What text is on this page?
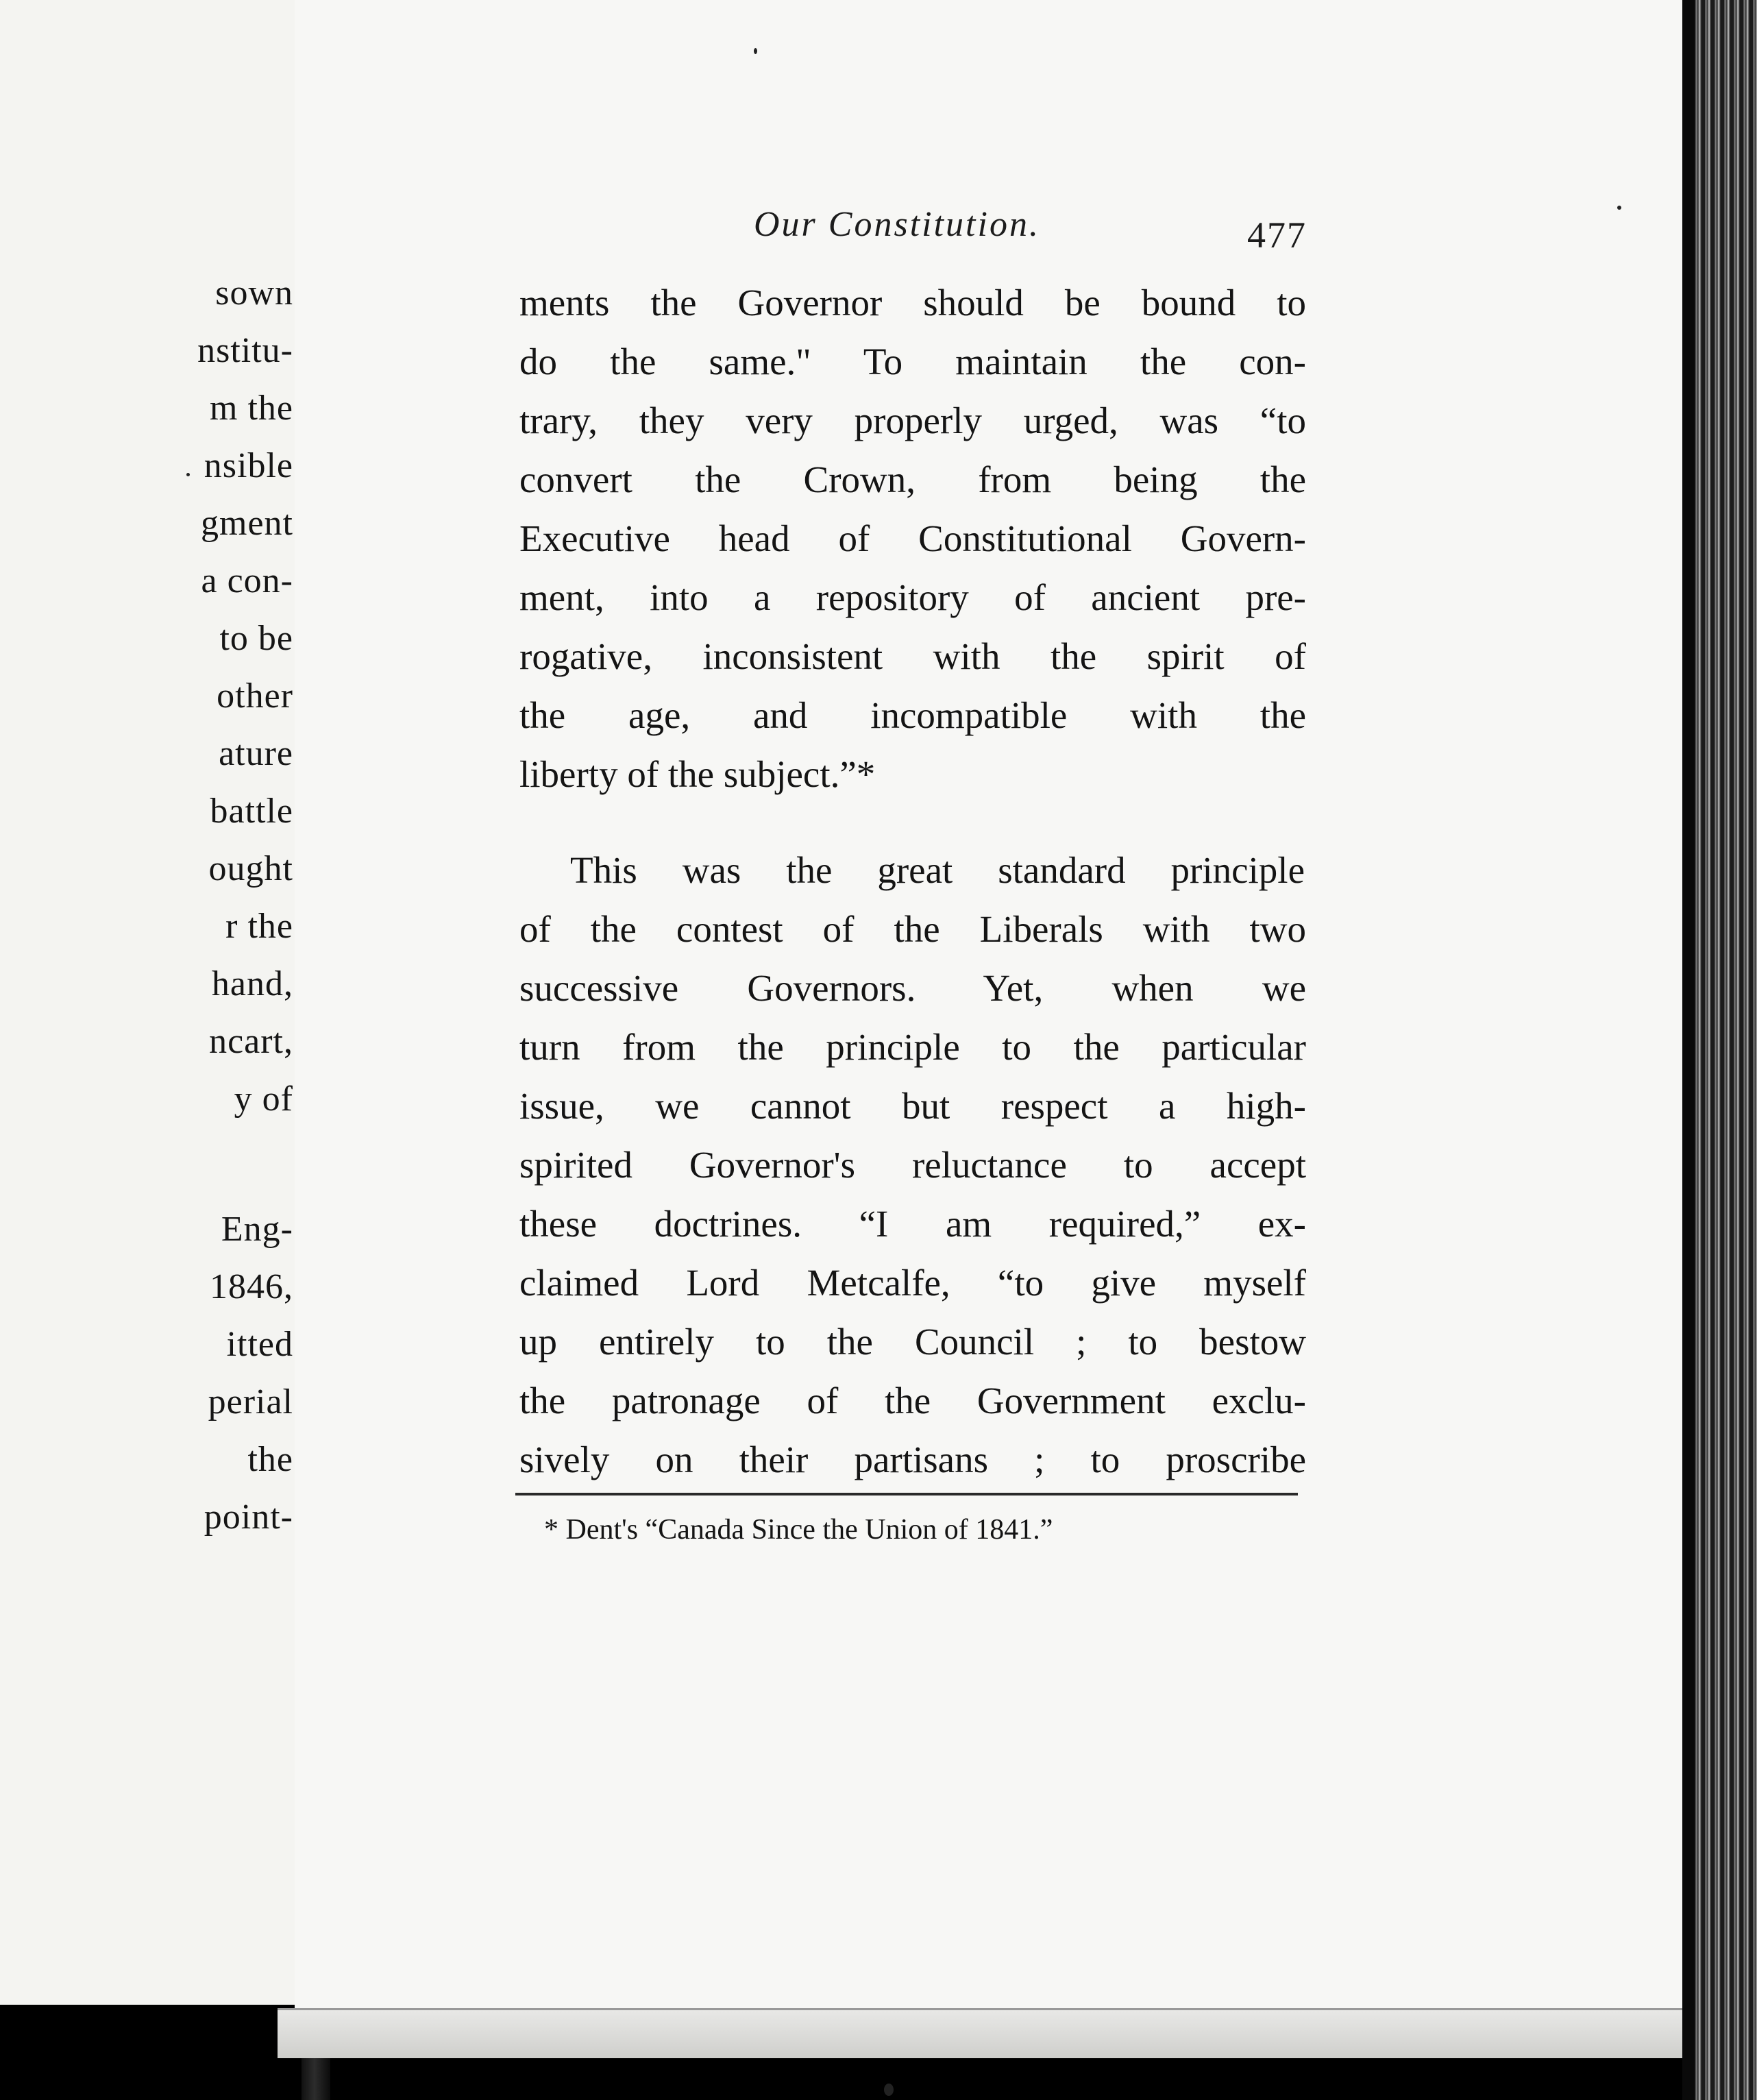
sown
nstitu-
m the
nsible
gment
a con-
to be
other
ature
battle
ought
r the
hand,
ncart,
y of
Eng-
1846,
itted
perial
the
point-
Our Constitution.	477
ments the Governor should be bound to
do the same." To maintain the con-
trary, they very properly urged, was “to
convert the Crown, from being the
Executive head of Constitutional Govern-
ment, into a repository of ancient pre-
rogative, inconsistent with the spirit of
the age, and incompatible with the
liberty of the subject.”*
This was the great standard principle
of the contest of the Liberals with two
successive Governors. Yet, when we
turn from the principle to the particular
issue, we cannot but respect a high-
spirited Governor's reluctance to accept
these doctrines. “I am required,” ex-
claimed Lord Metcalfe, “to give myself
up entirely to the Council ; to bestow
the patronage of the Government exclu-
sively on their partisans ; to proscribe
* Dent's “Canada Since the Union of 1841.”
